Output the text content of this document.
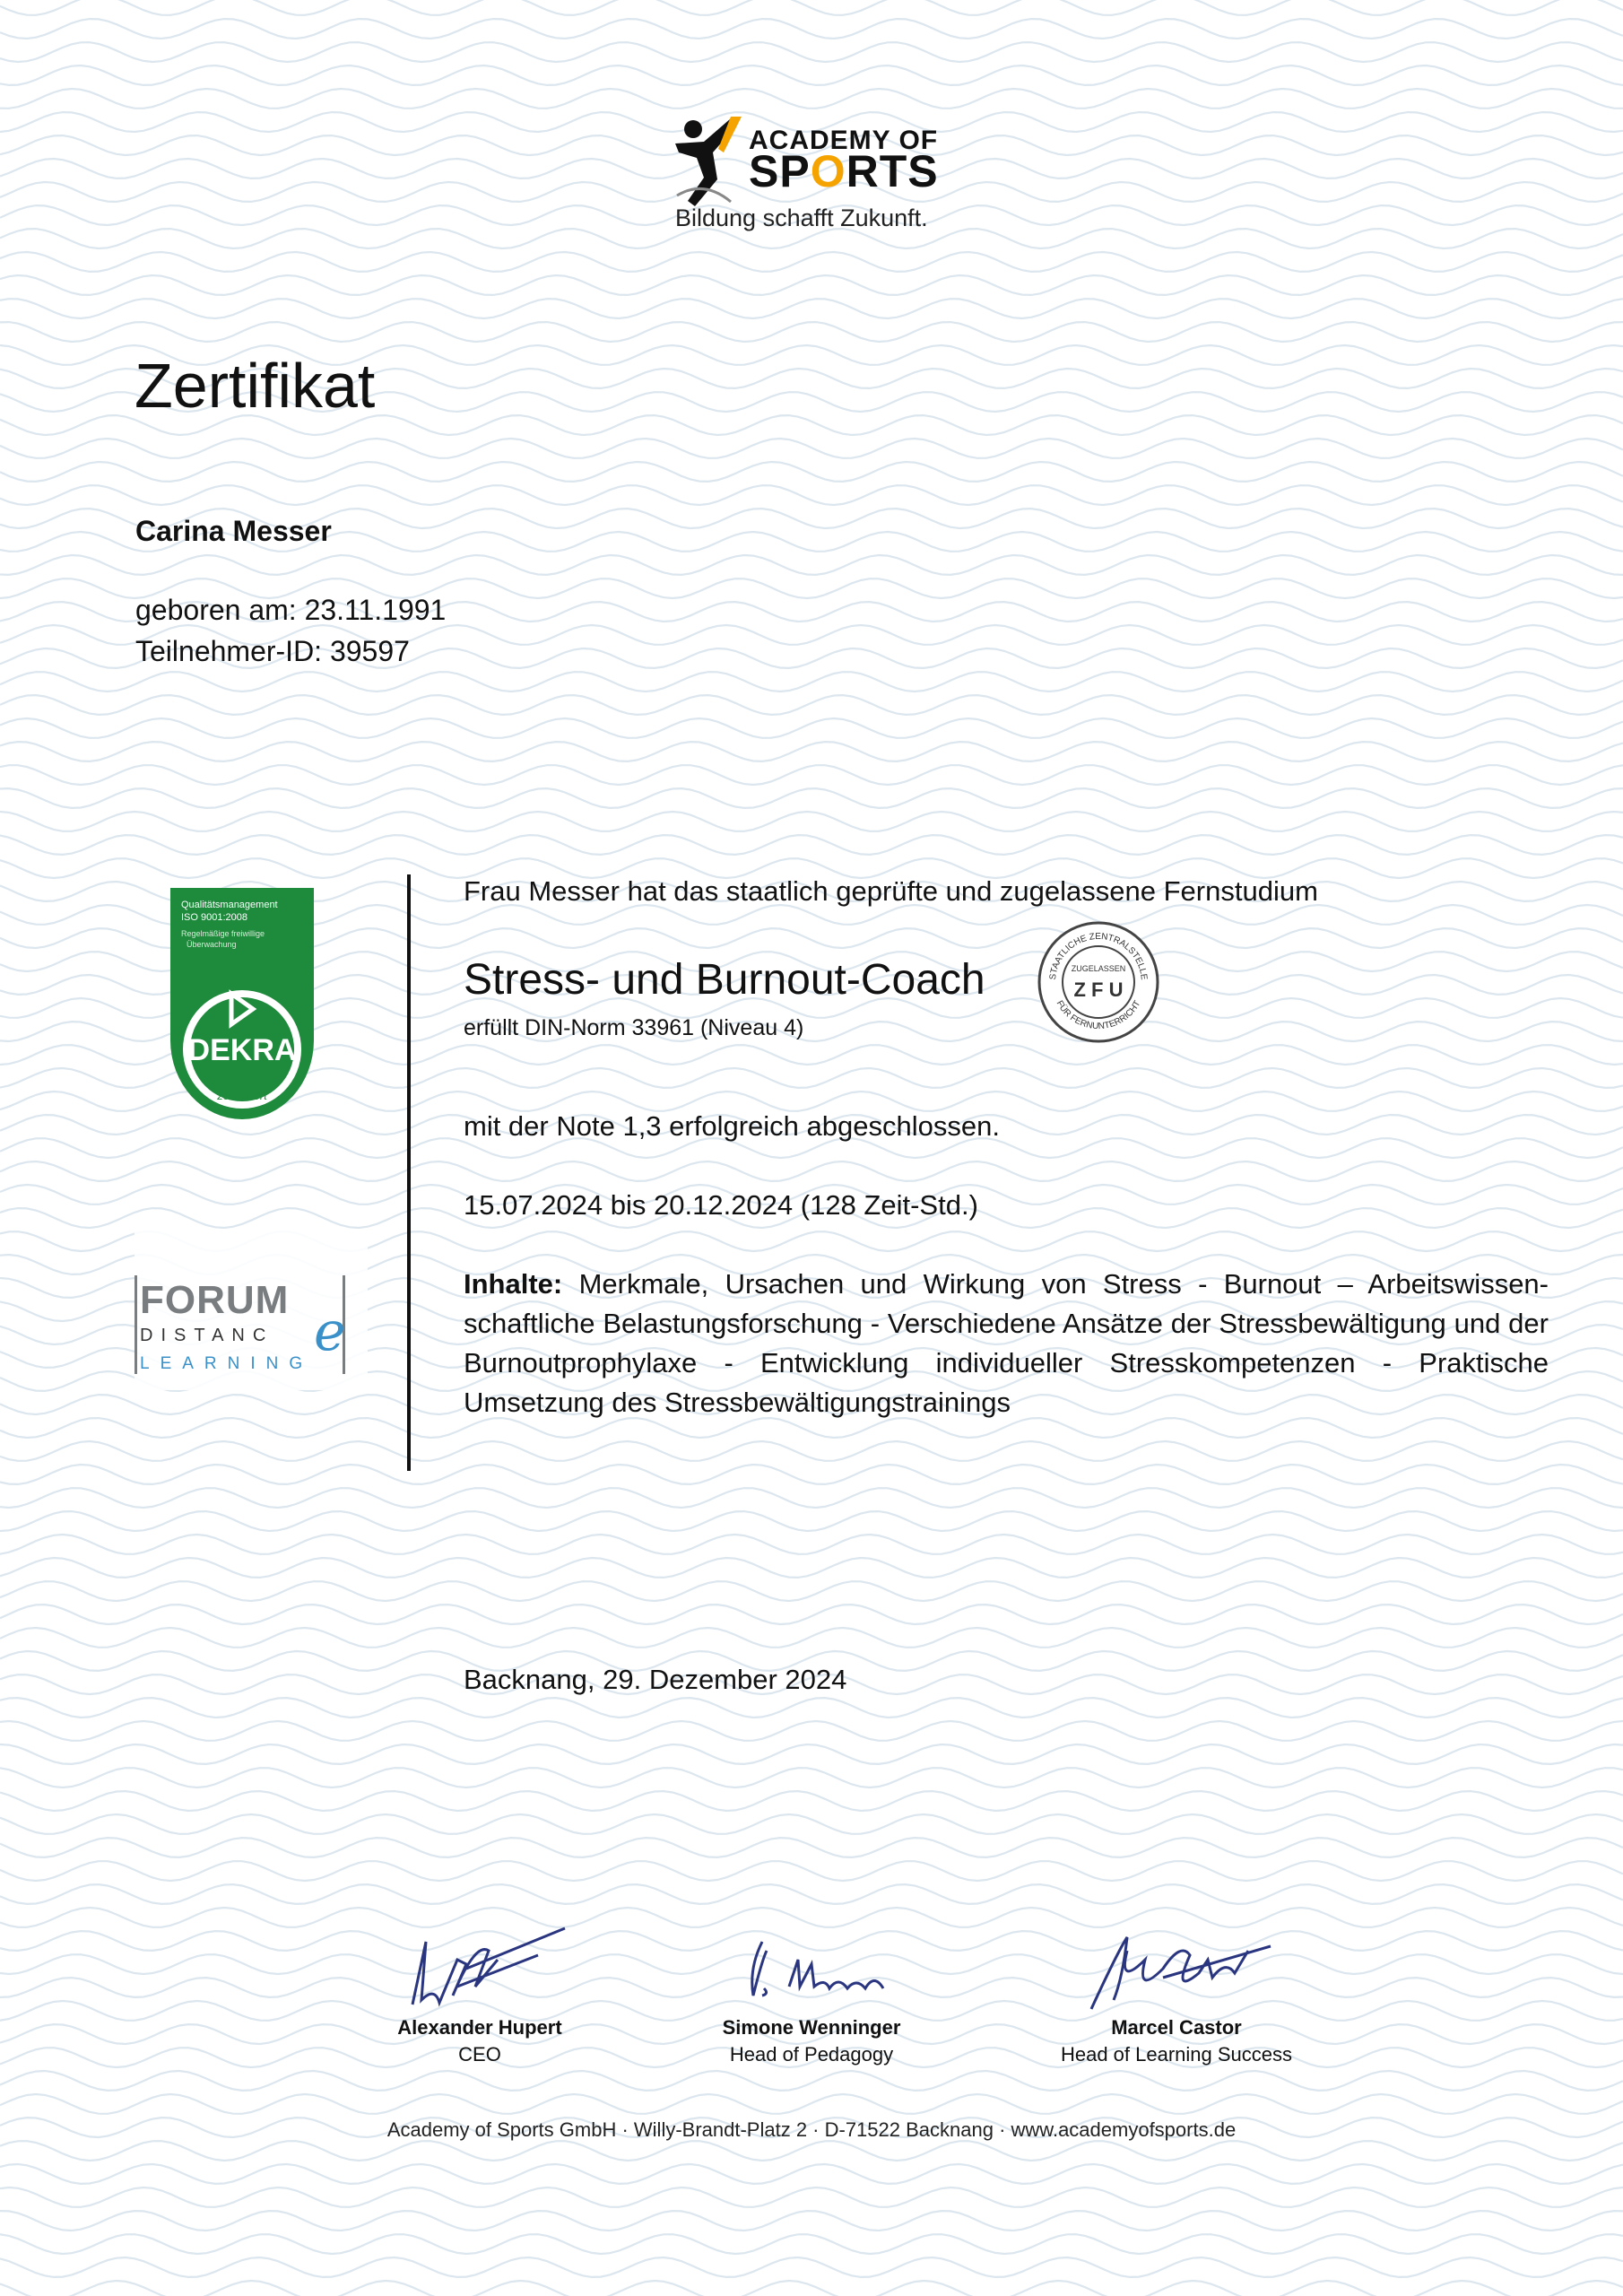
ACADEMY OF
SPORTS
Bildung schafft Zukunft.
Zertifikat
Carina Messer
geboren am: 23.11.1991
Teilnehmer-ID: 39597
Qualitätsmanagement
ISO 9001:2008
Regelmäßige freiwillige
Überwachung
DEKRA
zertifiziert
FORUM
DISTANC e
LEARNING
Frau Messer hat das staatlich geprüfte und zugelassene Fernstudium
Stress- und Burnout-Coach
erfüllt DIN-Norm 33961 (Niveau 4)
STAATLICHE ZENTRALSTELLE
FÜR FERNUNTERRICHT
ZUGELASSEN
Z F U
mit der Note 1,3 erfolgreich abgeschlossen.
15.07.2024 bis 20.12.2024 (128 Zeit-Std.)
Inhalte: Merkmale, Ursachen und Wirkung von Stress - Burnout – Arbeitswissen-schaftliche Belastungsforschung - Verschiedene Ansätze der Stressbewältigung und der Burnoutprophylaxe - Entwicklung individueller Stresskompetenzen - Praktische Umsetzung des Stressbewältigungstrainings
Backnang, 29. Dezember 2024
Alexander Hupert
CEO
Simone Wenninger
Head of Pedagogy
Marcel Castor
Head of Learning Success
Academy of Sports GmbH · Willy-Brandt-Platz 2 · D-71522 Backnang · www.academyofsports.de
